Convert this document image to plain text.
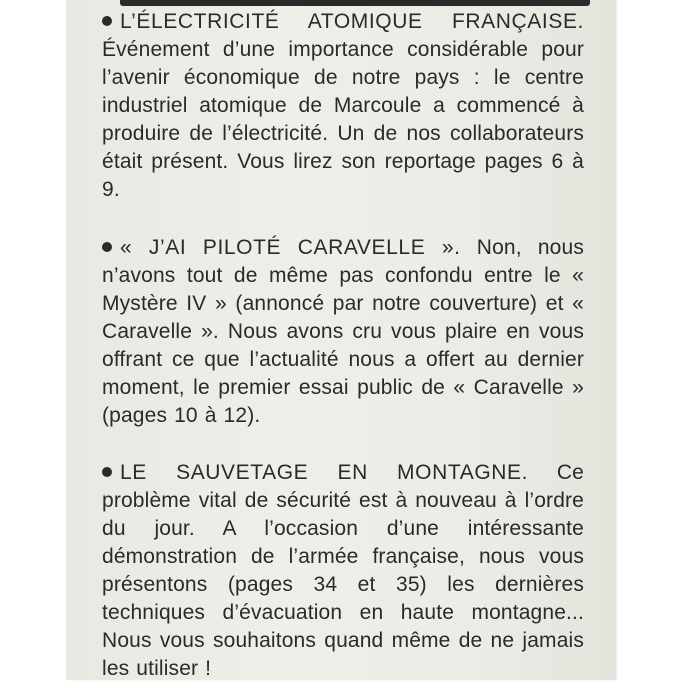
L’ÉLECTRICITÉ ATOMIQUE FRANÇAISE. Événement d’une importance considérable pour l’avenir économique de notre pays : le centre industriel atomique de Marcoule a commencé à produire de l’électricité. Un de nos collaborateurs était présent. Vous lirez son reportage pages 6 à 9.
« J’AI PILOTÉ CARAVELLE ». Non, nous n’avons tout de même pas confondu entre le « Mystère IV » (annoncé par notre couverture) et « Caravelle ». Nous avons cru vous plaire en vous offrant ce que l’actualité nous a offert au dernier moment, le premier essai public de « Caravelle » (pages 10 à 12).
LE SAUVETAGE EN MONTAGNE. Ce problème vital de sécurité est à nouveau à l’ordre du jour. A l’occasion d’une intéressante démonstration de l’armée française, nous vous présentons (pages 34 et 35) les dernières techniques d’évacuation en haute montagne... Nous vous souhaitons quand même de ne jamais les utiliser !
